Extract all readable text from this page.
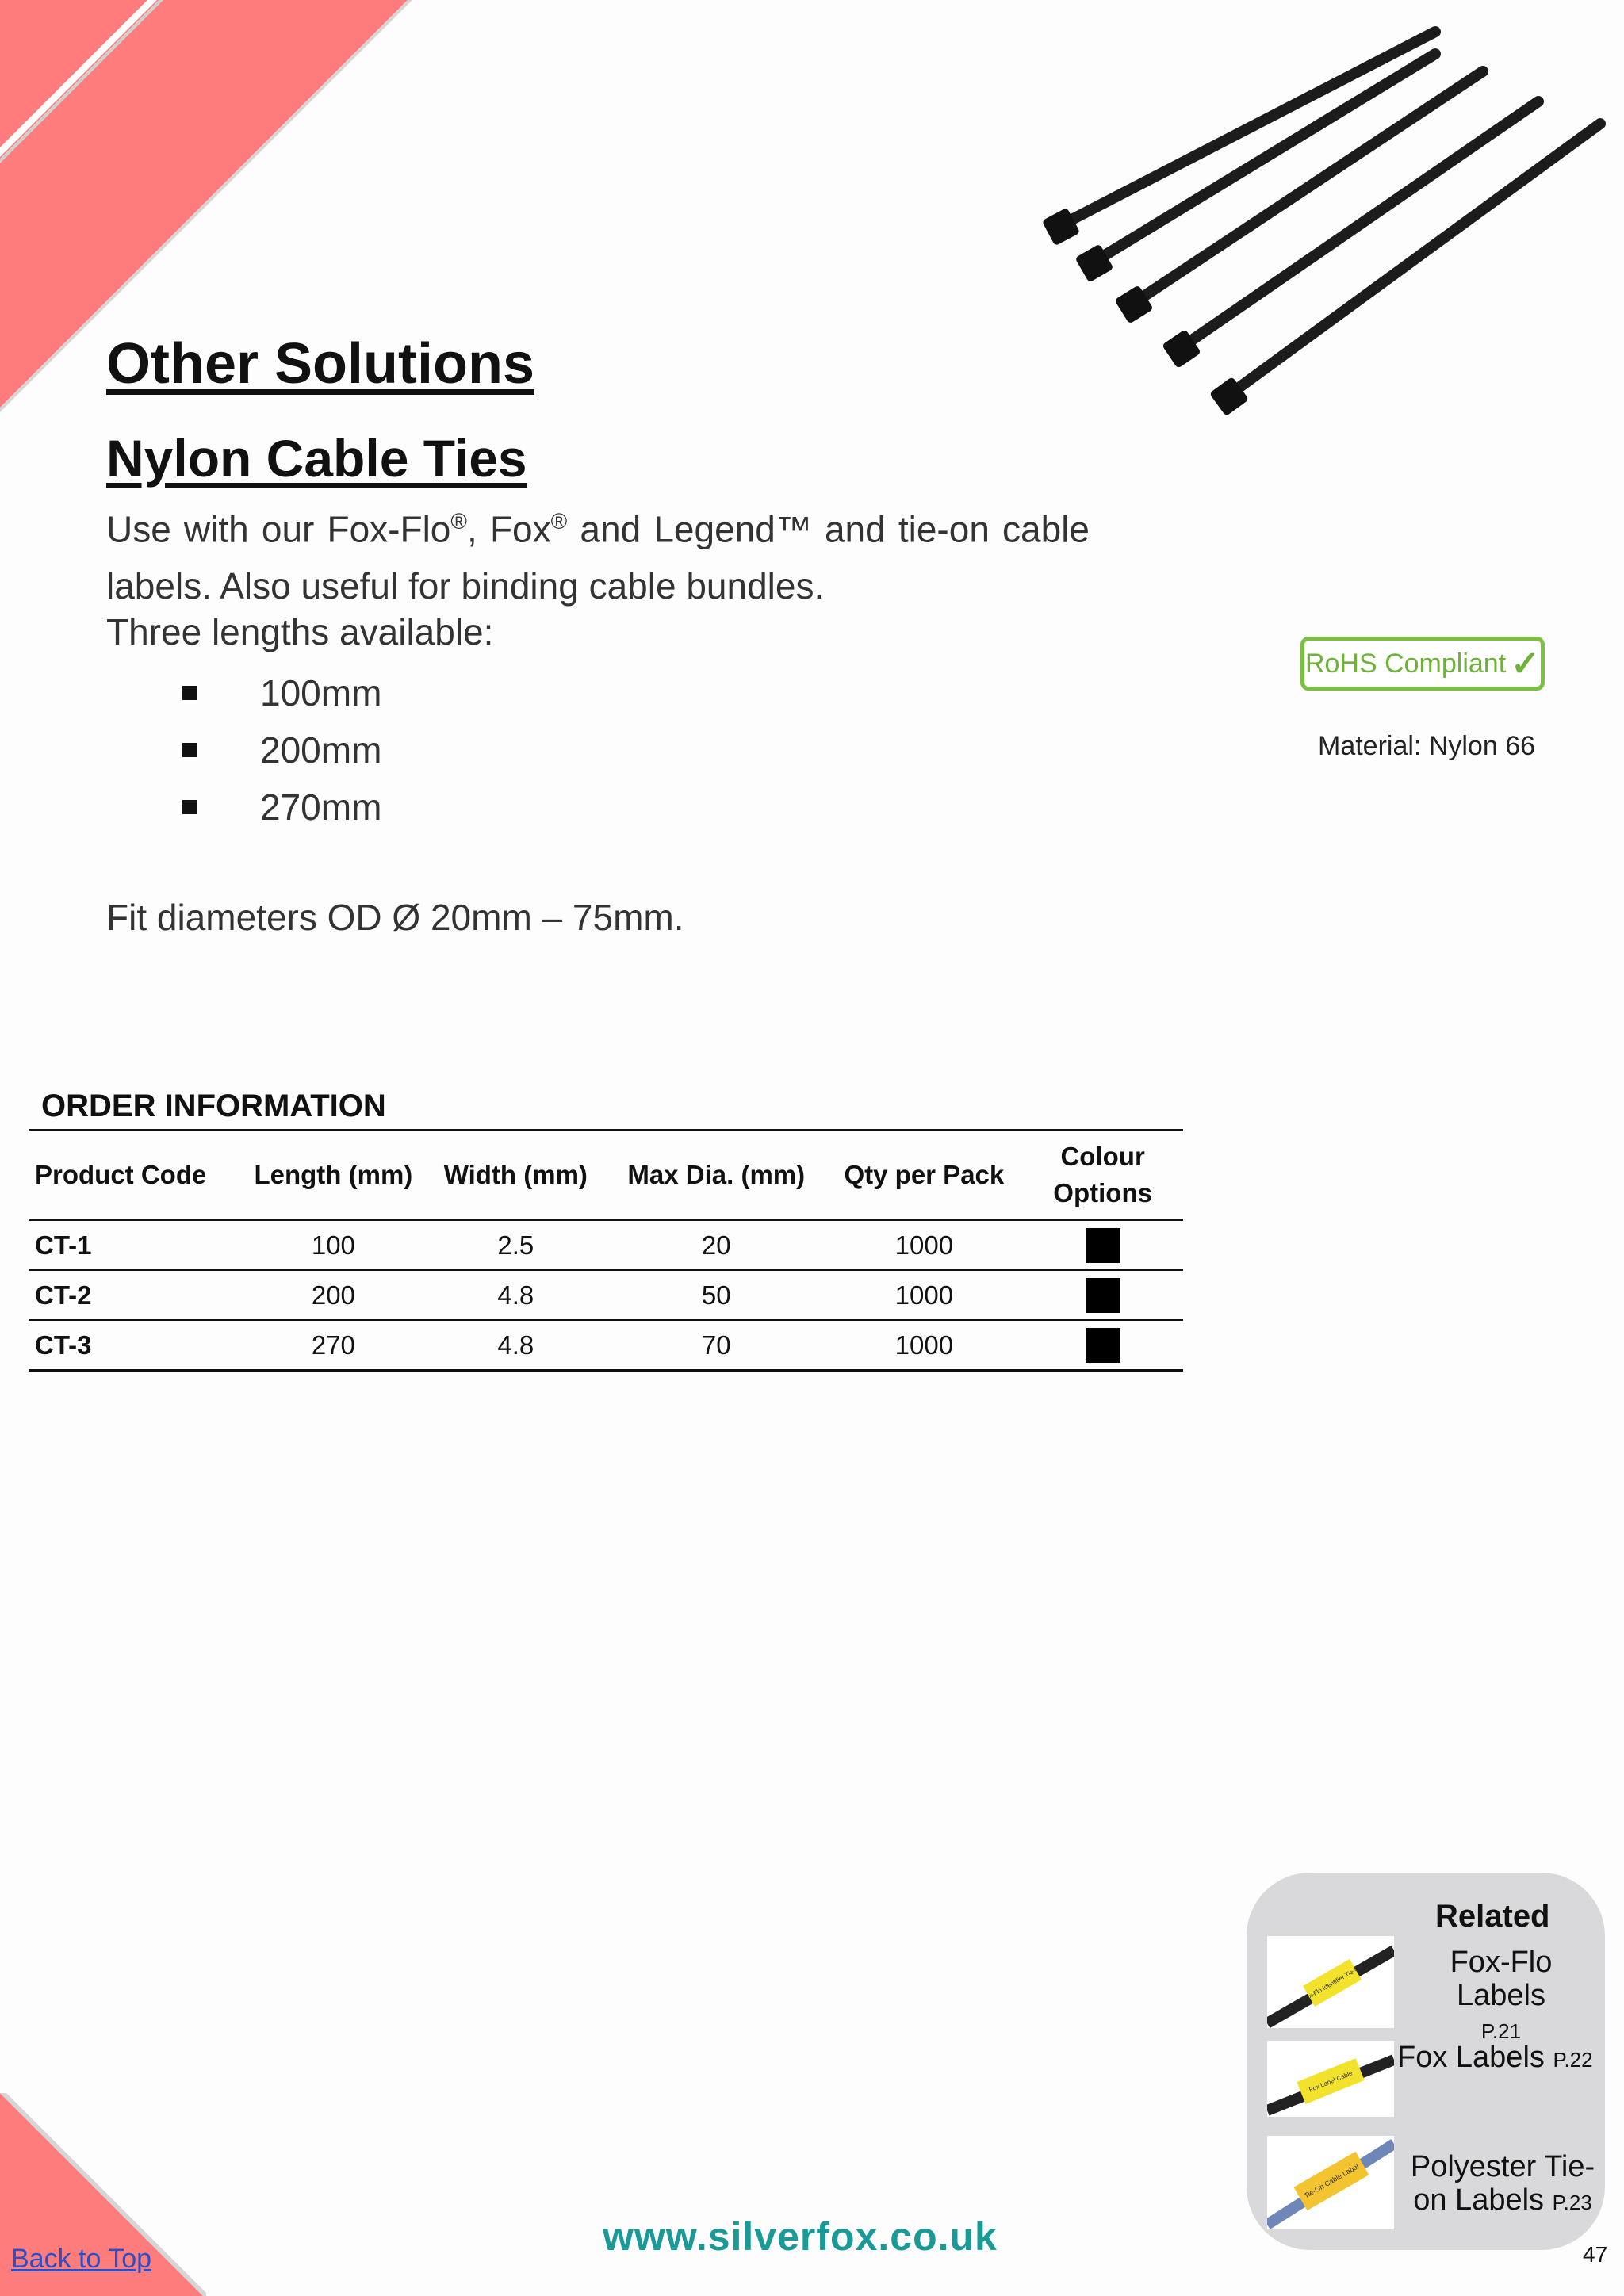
Other Solutions
Nylon Cable Ties
Use with our Fox-Flo®, Fox® and Legend™ and tie-on cable labels. Also useful for binding cable bundles.
Three lengths available:
100mm
200mm
270mm
Fit diameters OD Ø 20mm – 75mm.
RoHS Compliant ✓
Material: Nylon 66
ORDER INFORMATION
Product Code	Length (mm)	Width (mm)	Max Dia. (mm)	Qty per Pack	Colour Options
CT-1	100	2.5	20	1000	
CT-2	200	4.8	50	1000	
CT-3	270	4.8	70	1000	
Related
Fox-Flo Identifier Tie-On
Fox-Flo Labels
P.21
Fox Label Cable
Fox Labels P.22
Tie-On Cable Label Polyester Tie-
on Labels P.23
www.silverfox.co.uk
Back to Top	47
